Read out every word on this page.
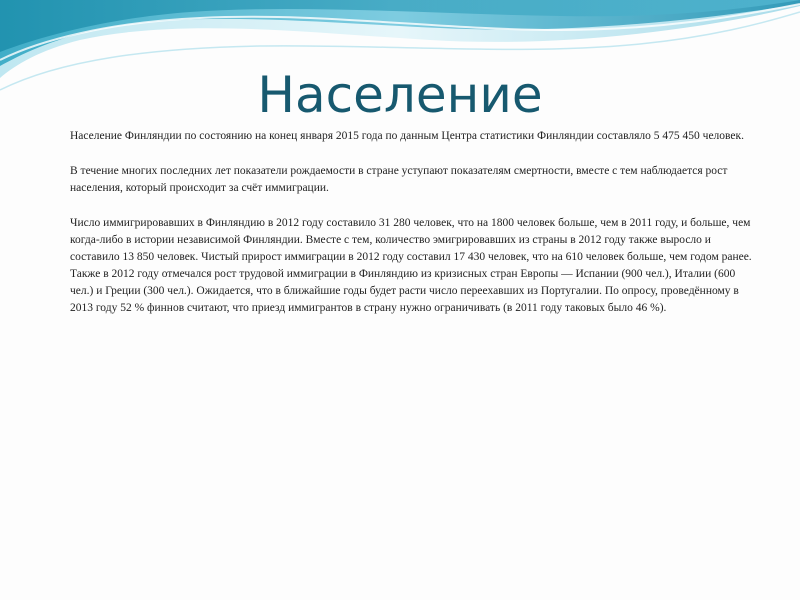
Население

Население Финляндии по состоянию на конец января 2015 года по данным Центра статистики Финляндии составляло 5 475 450 человек.

В течение многих последних лет показатели рождаемости в стране уступают показателям смертности, вместе с тем наблюдается рост населения, который происходит за счёт иммиграции.

Число иммигрировавших в Финляндию в 2012 году составило 31 280 человек, что на 1800 человек больше, чем в 2011 году, и больше, чем когда-либо в истории независимой Финляндии. Вместе с тем, количество эмигрировавших из страны в 2012 году также выросло и составило 13 850 человек. Чистый прирост иммиграции в 2012 году составил 17 430 человек, что на 610 человек больше, чем годом ранее. Также в 2012 году отмечался рост трудовой иммиграции в Финляндию из кризисных стран Европы — Испании (900 чел.), Италии (600 чел.) и Греции (300 чел.). Ожидается, что в ближайшие годы будет расти число переехавших из Португалии. По опросу, проведённому в 2013 году 52 % финнов считают, что приезд иммигрантов в страну нужно ограничивать (в 2011 году таковых было 46 %).
